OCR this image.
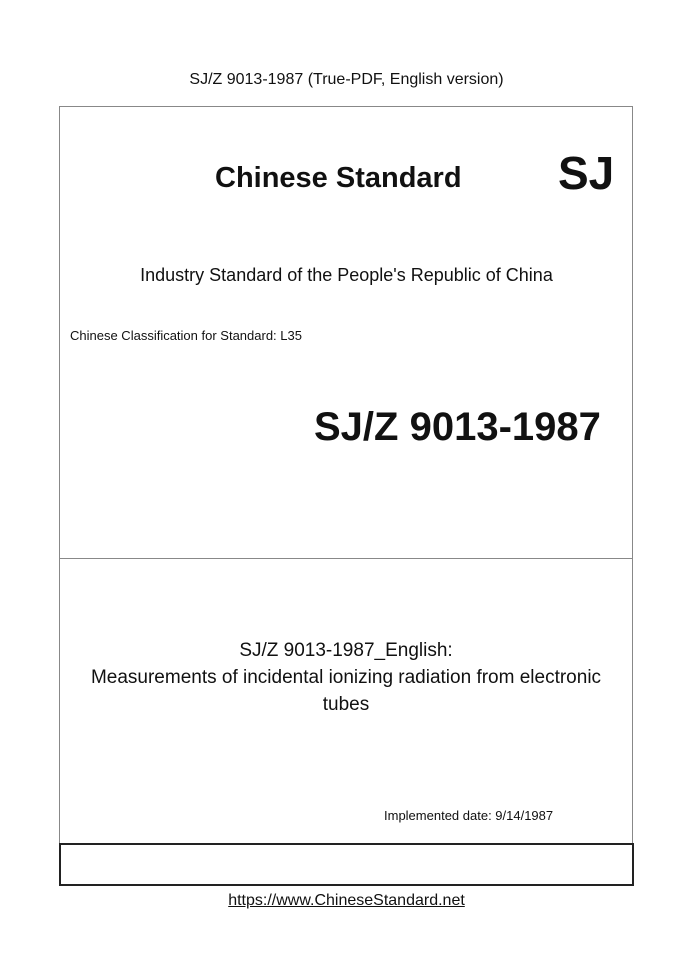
SJ/Z 9013-1987 (True-PDF, English version)
Chinese Standard SJ
Industry Standard of the People's Republic of China
Chinese Classification for Standard: L35
SJ/Z 9013-1987
SJ/Z 9013-1987_English:
Measurements of incidental ionizing radiation from electronic
tubes
Implemented date: 9/14/1987
https://www.ChineseStandard.net
